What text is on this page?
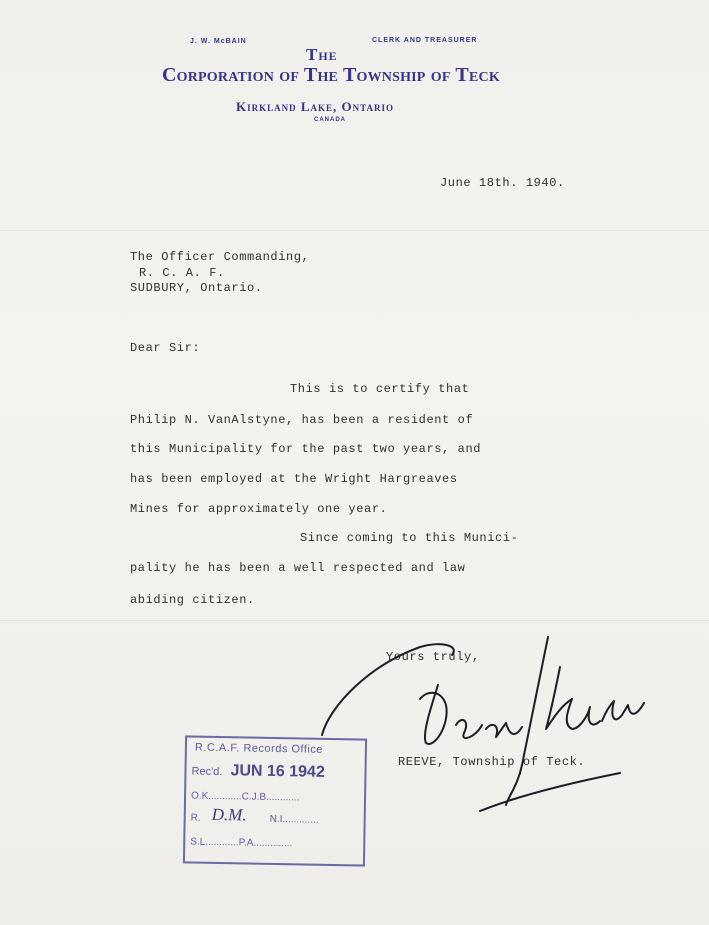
J. W. McBAIN	CLERK AND TREASURER
The
Corporation of The Township of Teck
Kirkland Lake, Ontario
CANADA
June 18th. 1940.
The Officer Commanding,
R. C. A. F.
SUDBURY, Ontario.
Dear Sir:
This is to certify that
Philip N. VanAlstyne, has been a resident of
this Municipality for the past two years, and
has been employed at the Wright Hargreaves
Mines for approximately one year.
Since coming to this Munici-
pality he has been a well respected and law
abiding citizen.
Yours truly,
REEVE, Township of Teck.
R.C.A.F. Records Office
Rec'd. JUN 16 1942
O.K............C.J.B............
R. D.M. N.I.............
S.L............P.A..............
